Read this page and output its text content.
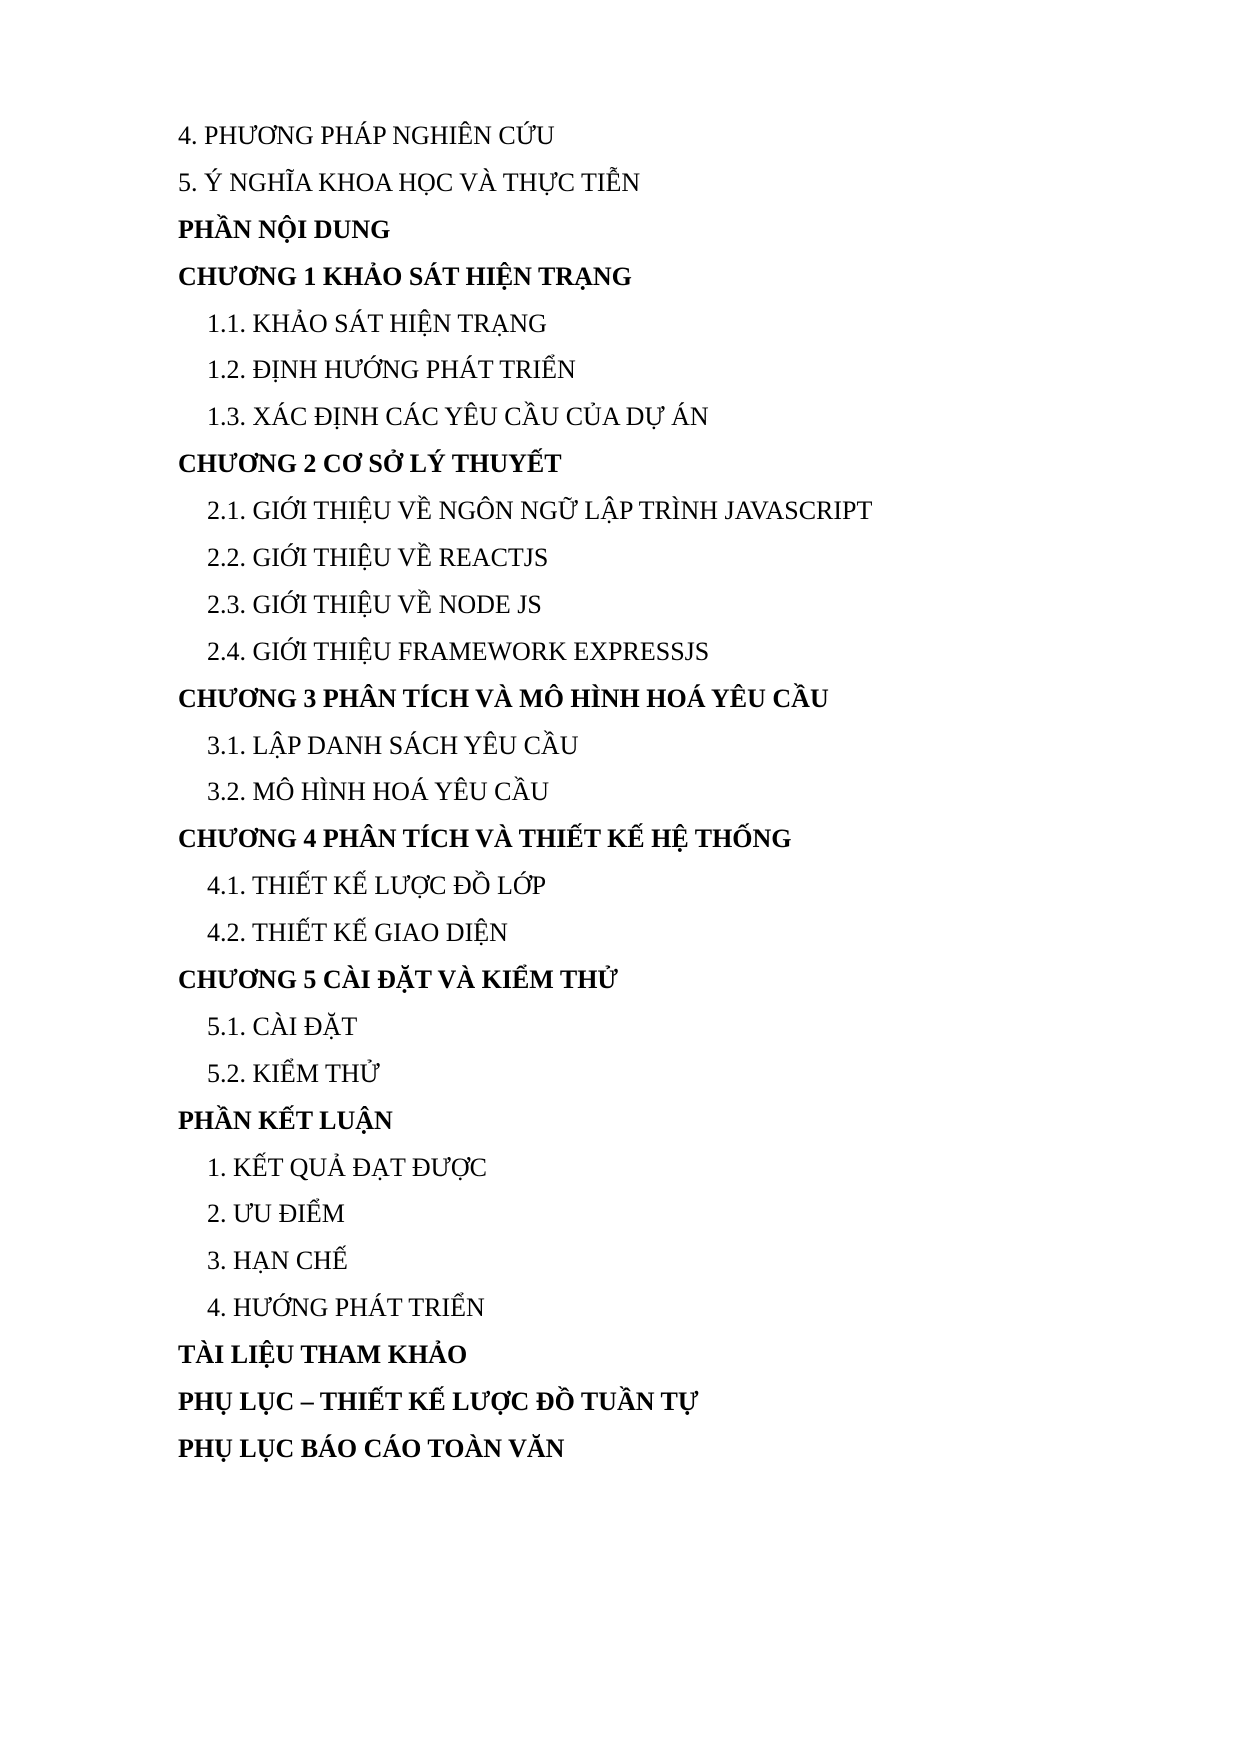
4. PHƯƠNG PHÁP NGHIÊN CỨU
5. Ý NGHĨA KHOA HỌC VÀ THỰC TIỄN
PHẦN NỘI DUNG
CHƯƠNG 1 KHẢO SÁT HIỆN TRẠNG
1.1. KHẢO SÁT HIỆN TRẠNG
1.2. ĐỊNH HƯỚNG PHÁT TRIỂN
1.3. XÁC ĐỊNH CÁC YÊU CẦU CỦA DỰ ÁN
CHƯƠNG 2 CƠ SỞ LÝ THUYẾT
2.1. GIỚI THIỆU VỀ NGÔN NGỮ LẬP TRÌNH JAVASCRIPT
2.2. GIỚI THIỆU VỀ REACTJS
2.3. GIỚI THIỆU VỀ NODE JS
2.4. GIỚI THIỆU FRAMEWORK EXPRESSJS
CHƯƠNG 3 PHÂN TÍCH VÀ MÔ HÌNH HOÁ YÊU CẦU
3.1. LẬP DANH SÁCH YÊU CẦU
3.2. MÔ HÌNH HOÁ YÊU CẦU
CHƯƠNG 4 PHÂN TÍCH VÀ THIẾT KẾ HỆ THỐNG
4.1. THIẾT KẾ LƯỢC ĐỒ LỚP
4.2. THIẾT KẾ GIAO DIỆN
CHƯƠNG 5 CÀI ĐẶT VÀ KIỂM THỬ
5.1. CÀI ĐẶT
5.2. KIỂM THỬ
PHẦN KẾT LUẬN
1. KẾT QUẢ ĐẠT ĐƯỢC
2. ƯU ĐIỂM
3. HẠN CHẾ
4. HƯỚNG PHÁT TRIỂN
TÀI LIỆU THAM KHẢO
PHỤ LỤC – THIẾT KẾ LƯỢC ĐỒ TUẦN TỰ
PHỤ LỤC BÁO CÁO TOÀN VĂN
